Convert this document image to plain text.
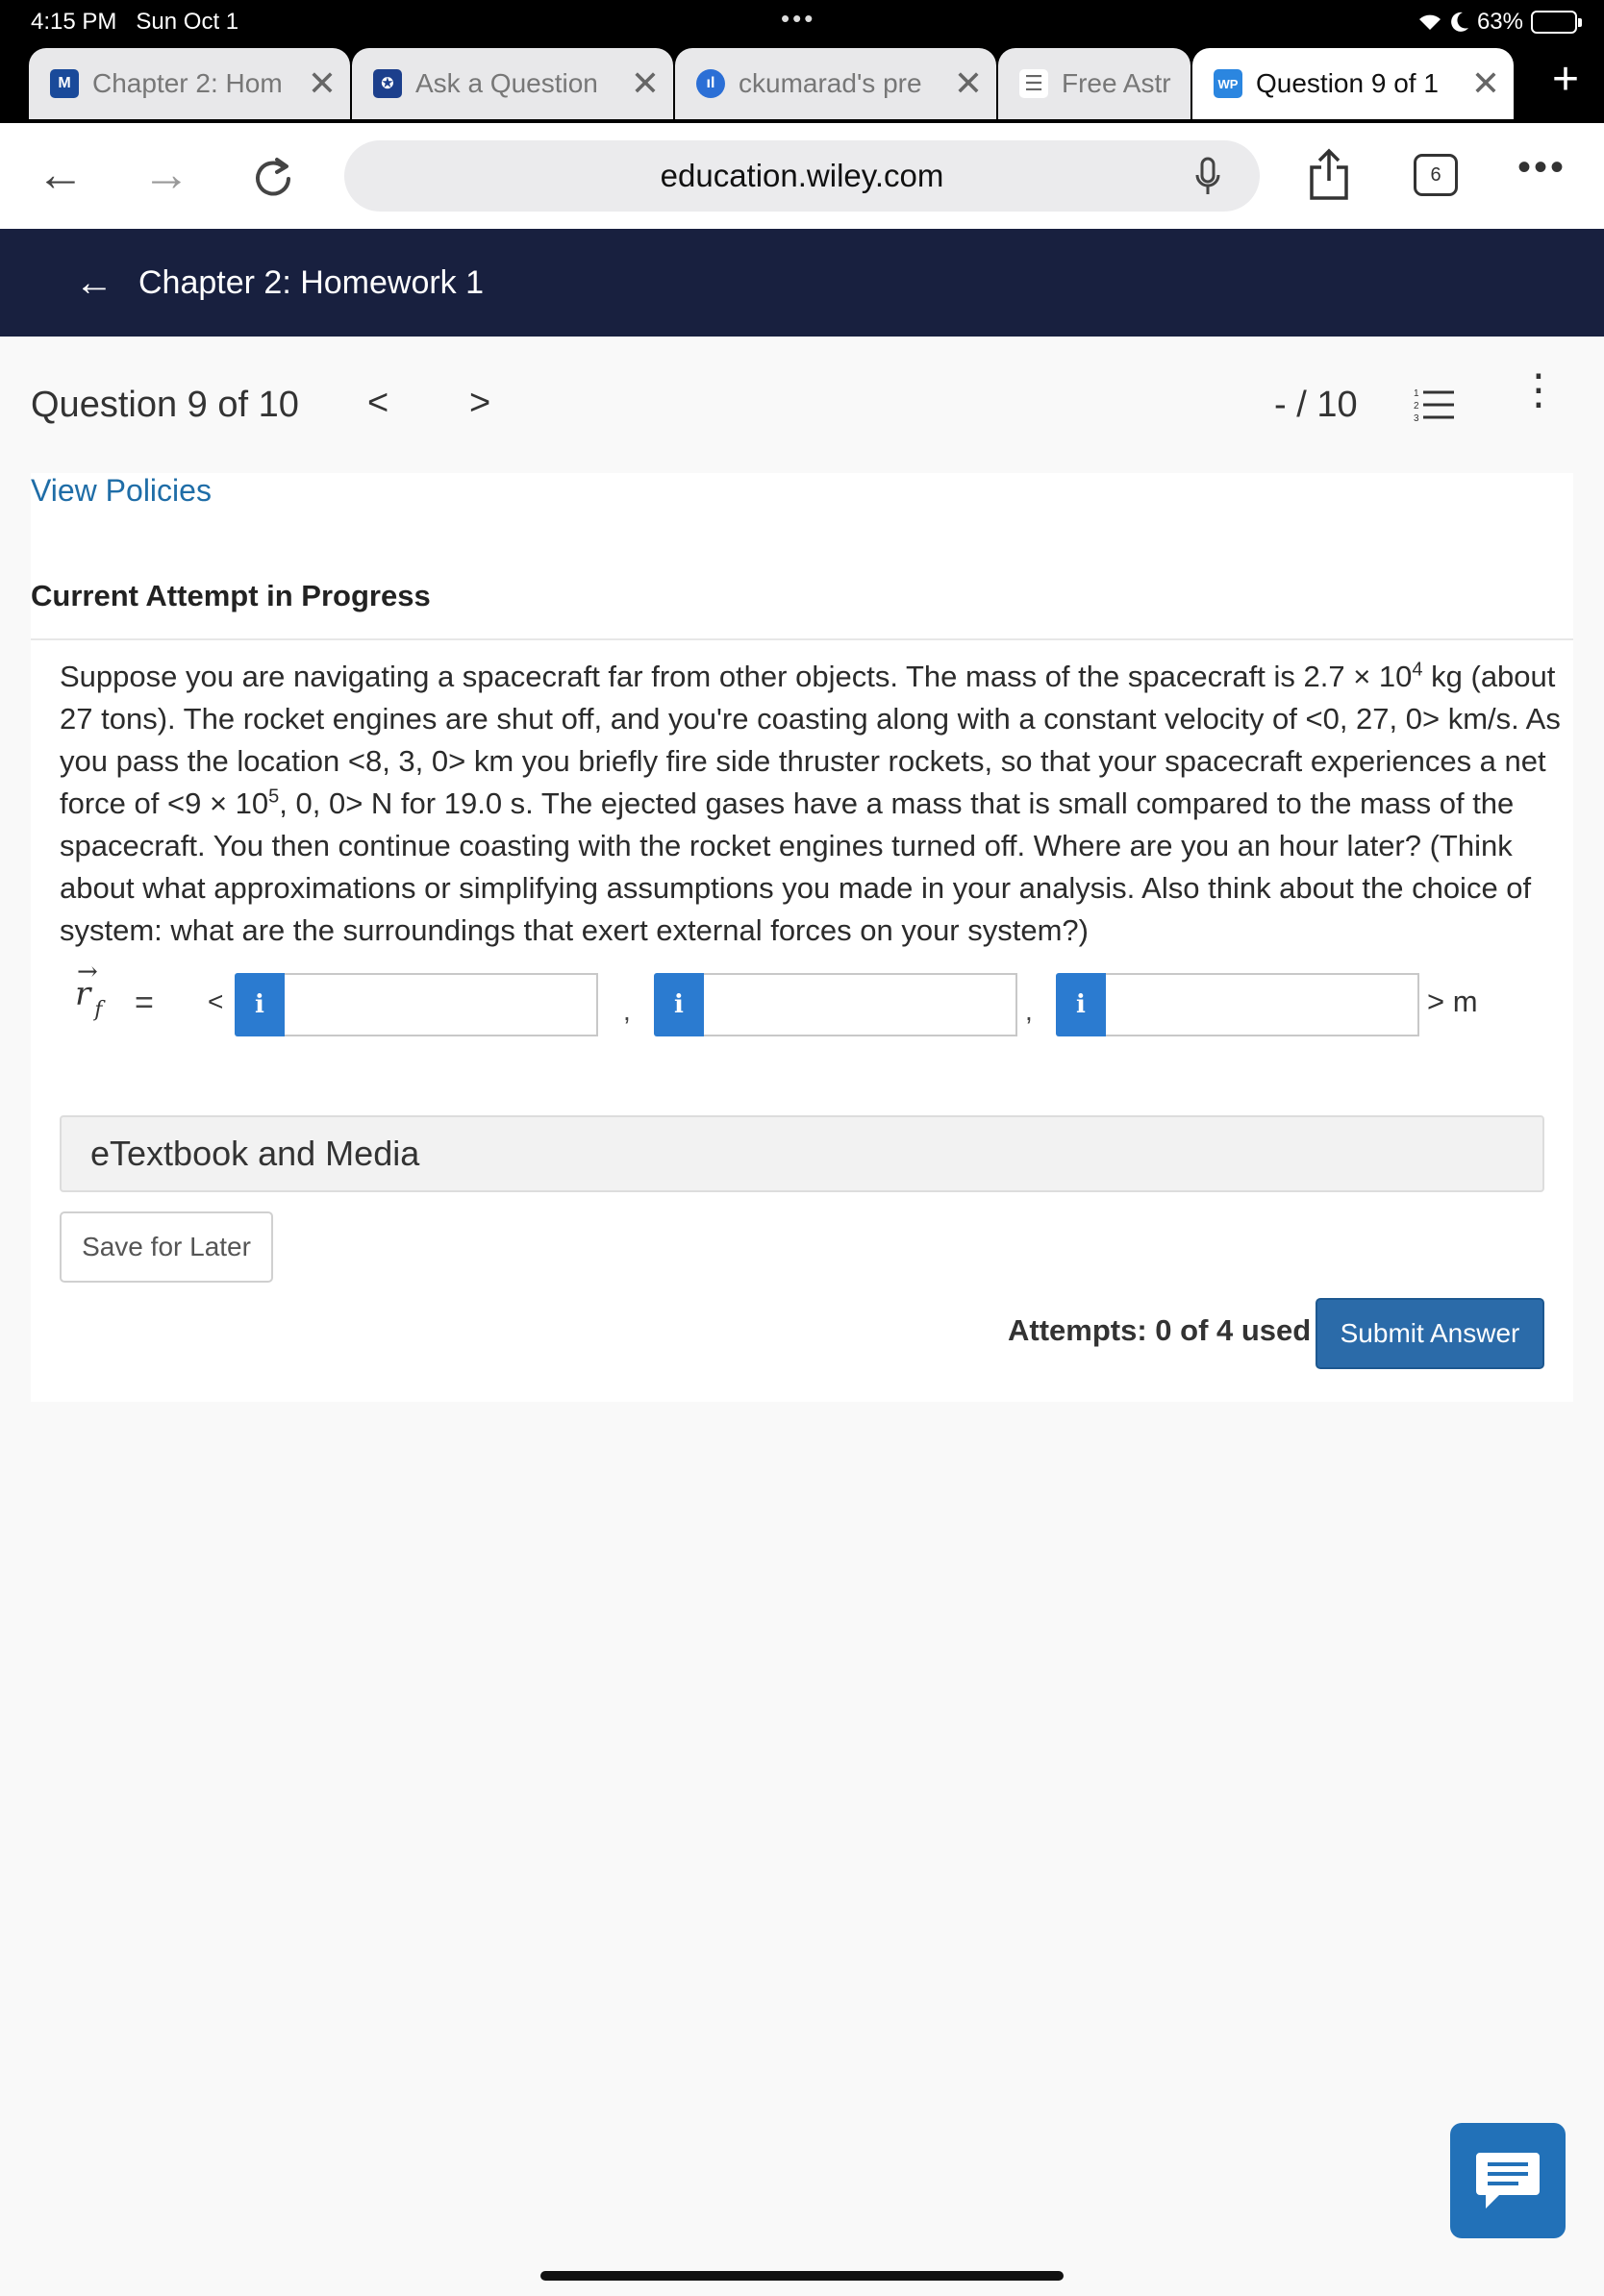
4:15 PM Sun Oct 1	•••	63%
M Chapter 2: Hom ✕	✪ Ask a Question ✕	ıl ckumarad's pre ✕ ☰ Free Astr	WP Question 9 of 1 ✕ +
← →	education.wiley.com	6	•••
← Chapter 2: Homework 1
Question 9 of 10 < >	- / 10	1
2
3
⋮
View Policies
Current Attempt in Progress

Suppose you are navigating a spacecraft far from other objects. The mass of the spacecraft is $2.7 \times 10^4$ kg (about 27 tons). The rocket engines are shut off, and you're coasting along with a constant velocity of <0, 27, 0> km/s. As you pass the location <8, 3, 0> km you briefly fire side thruster rockets, so that your spacecraft experiences a net force of $<9 \times 10^5$, 0, 0> N for 19.0 s. The ejected gases have a mass that is small compared to the mass of the spacecraft. You then continue coasting with the rocket engines turned off. Where are you an hour later? (Think about what approximations or simplifying assumptions you made in your analysis. Also think about the choice of system: what are the surroundings that exert external forces on your system?)

→
r $_f$ = <	i	,	i	,	i	> m
eTextbook and Media
Save for Later
Attempts: 0 of 4 used	Submit Answer
